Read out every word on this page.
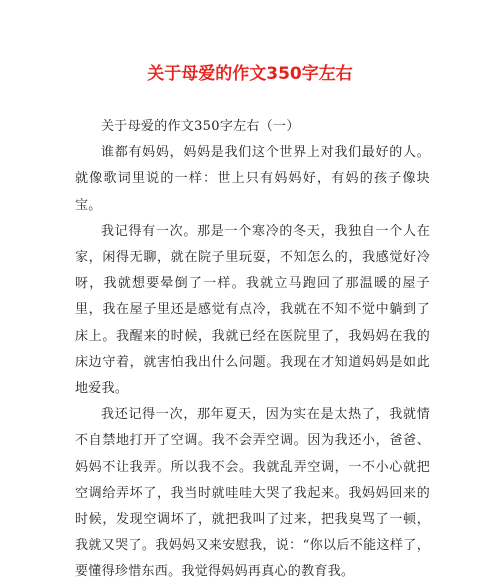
关于母爱的作文350字左右

关于母爱的作文350字左右（一）

谁都有妈妈，妈妈是我们这个世界上对我们最好的人。就像歌词里说的一样：世上只有妈妈好，有妈的孩子像块宝。

我记得有一次。那是一个寒冷的冬天，我独自一个人在家，闲得无聊，就在院子里玩耍，不知怎么的，我感觉好冷呀，我就想要晕倒了一样。我就立马跑回了那温暖的屋子里，我在屋子里还是感觉有点冷，我就在不知不觉中躺到了床上。我醒来的时候，我就已经在医院里了，我妈妈在我的床边守着，就害怕我出什么问题。我现在才知道妈妈是如此地爱我。

我还记得一次，那年夏天，因为实在是太热了，我就情不自禁地打开了空调。我不会弄空调。因为我还小，爸爸、妈妈不让我弄。所以我不会。我就乱弄空调，一不小心就把空调给弄坏了，我当时就哇哇大哭了我起来。我妈妈回来的时候，发现空调坏了，就把我叫了过来，把我臭骂了一顿，我就又哭了。我妈妈又来安慰我，说：“你以后不能这样了，要懂得珍惜东西。我觉得妈妈再真心的教育我。
